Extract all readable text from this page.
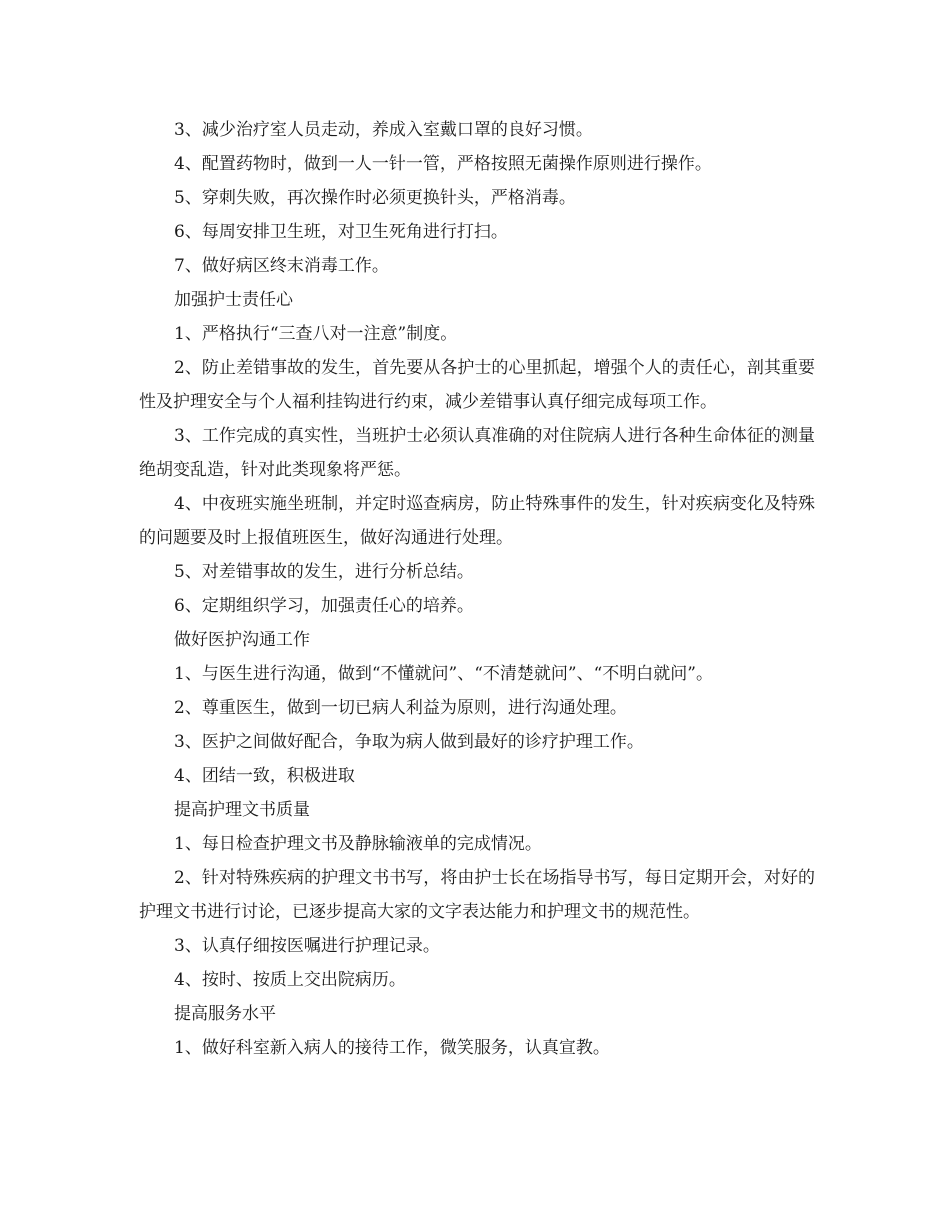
3、减少治疗室人员走动，养成入室戴口罩的良好习惯。

4、配置药物时，做到一人一针一管，严格按照无菌操作原则进行操作。

5、穿刺失败，再次操作时必须更换针头，严格消毒。

6、每周安排卫生班，对卫生死角进行打扫。

7、做好病区终末消毒工作。

加强护士责任心

1、严格执行“三查八对一注意”制度。

2、防止差错事故的发生，首先要从各护士的心里抓起，增强个人的责任心，剖其重要性及护理安全与个人福利挂钩进行约束，减少差错事认真仔细完成每项工作。

3、工作完成的真实性，当班护士必须认真准确的对住院病人进行各种生命体征的测量绝胡变乱造，针对此类现象将严惩。

4、中夜班实施坐班制，并定时巡查病房，防止特殊事件的发生，针对疾病变化及特殊的问题要及时上报值班医生，做好沟通进行处理。

5、对差错事故的发生，进行分析总结。

6、定期组织学习，加强责任心的培养。

做好医护沟通工作

1、与医生进行沟通，做到“不懂就问”、“不清楚就问”、“不明白就问”。

2、尊重医生，做到一切已病人利益为原则，进行沟通处理。

3、医护之间做好配合，争取为病人做到最好的诊疗护理工作。

4、团结一致，积极进取

提高护理文书质量

1、每日检查护理文书及静脉输液单的完成情况。

2、针对特殊疾病的护理文书书写，将由护士长在场指导书写，每日定期开会，对好的护理文书进行讨论，已逐步提高大家的文字表达能力和护理文书的规范性。

3、认真仔细按医嘱进行护理记录。

4、按时、按质上交出院病历。

提高服务水平

1、做好科室新入病人的接待工作，微笑服务，认真宣教。
